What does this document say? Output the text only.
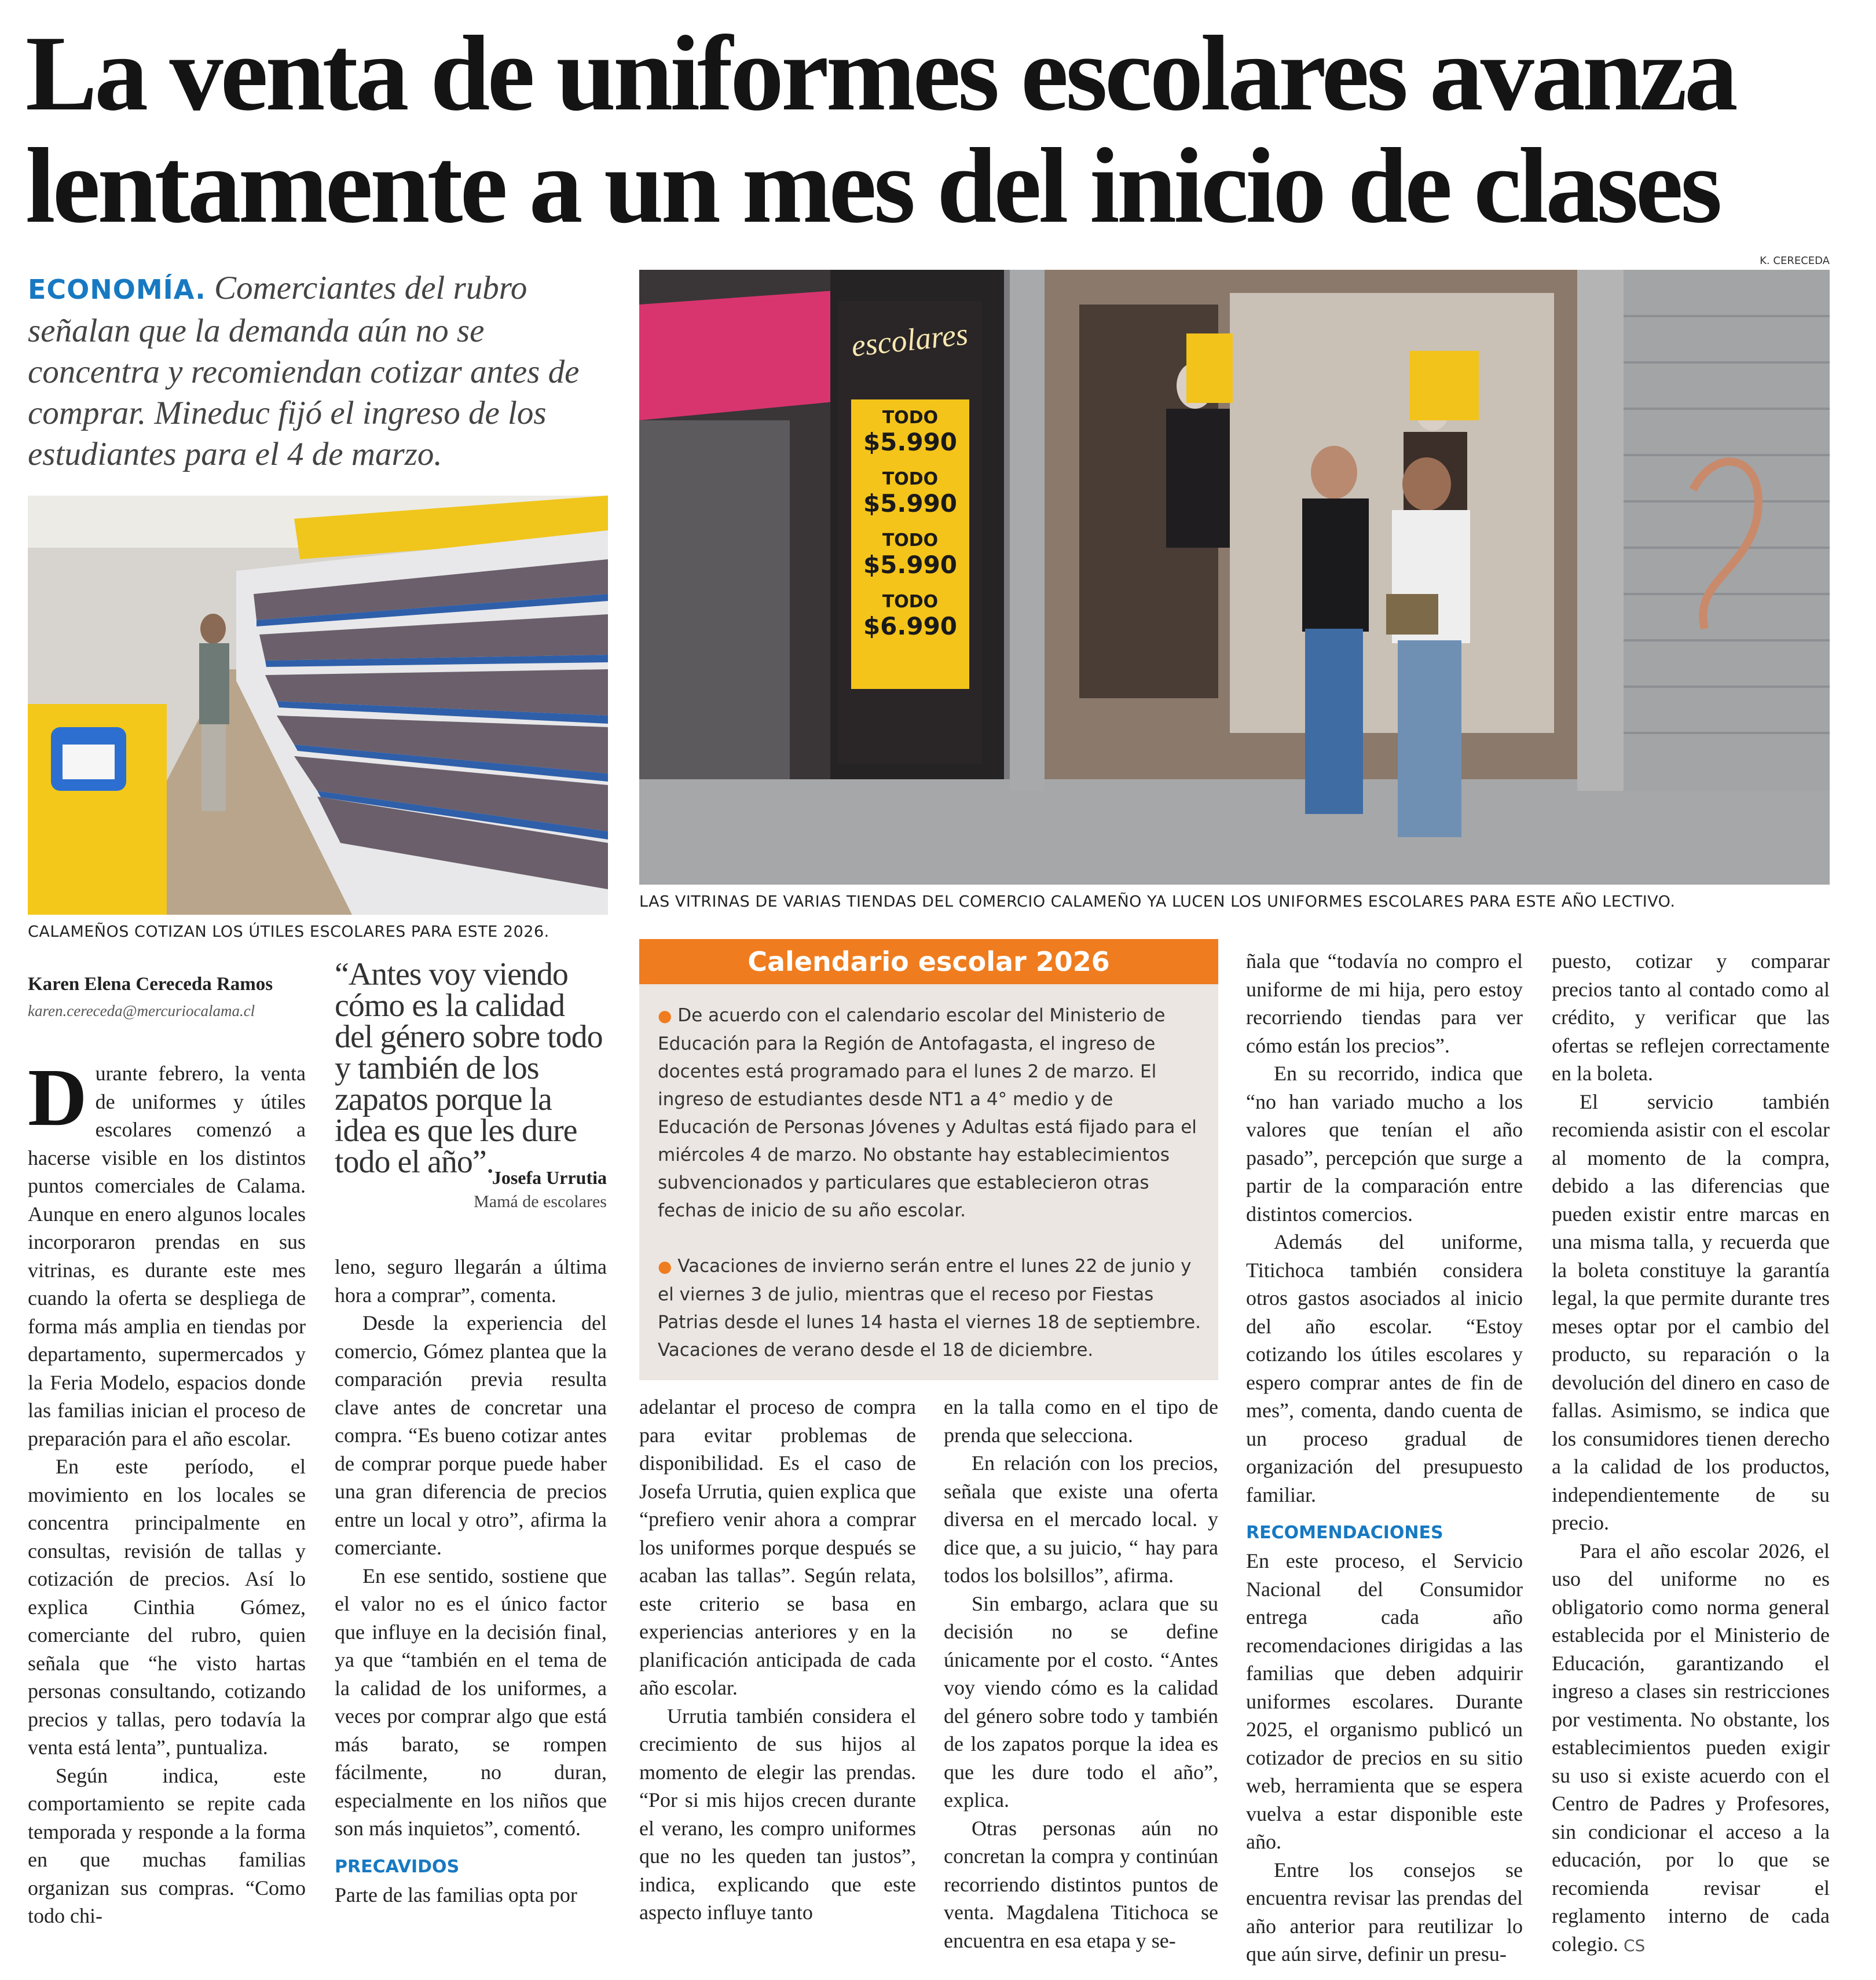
La venta de uniformes escolares avanza
lentamente a un mes del inicio de clases
ECONOMÍA. Comerciantes del rubro señalan que la demanda aún no se concentra y recomiendan cotizar antes de comprar. Mineduc fijó el ingreso de los estudiantes para el 4 de marzo.
K. CERECEDA
escolares
TODO
$5.990
TODO
$5.990
TODO
$5.990
TODO
$6.990
LAS VITRINAS DE VARIAS TIENDAS DEL COMERCIO CALAMEÑO YA LUCEN LOS UNIFORMES ESCOLARES PARA ESTE AÑO LECTIVO.
CALAMEÑOS COTIZAN LOS ÚTILES ESCOLARES PARA ESTE 2026.
Karen Elena Cereceda Ramos
karen.cereceda@mercuriocalama.cl
“Antes voy viendo cómo es la calidad del género sobre todo y también de los zapatos porque la idea es que les dure todo el año”.
Josefa Urrutia
Mamá de escolares
Calendario escolar 2026

● De acuerdo con el calendario escolar del Ministerio de Educación para la Región de Antofagasta, el ingreso de docentes está programado para el lunes 2 de marzo. El ingreso de estudiantes desde NT1 a 4° medio y de Educación de Personas Jóvenes y Adultas está fijado para el miércoles 4 de marzo. No obstante hay establecimientos subvencionados y particulares que establecieron otras fechas de inicio de su año escolar.

● Vacaciones de invierno serán entre el lunes 22 de junio y el viernes 3 de julio, mientras que el receso por Fiestas Patrias desde el lunes 14 hasta el viernes 18 de septiembre. Vacaciones de verano desde el 18 de diciembre.

Durante febrero, la venta de uniformes y útiles escolares comenzó a hacerse visible en los distintos puntos comerciales de Calama. Aunque en enero algunos locales incorporaron prendas en sus vitrinas, es durante este mes cuando la oferta se despliega de forma más amplia en tiendas por departamento, supermercados y la Feria Modelo, espacios donde las familias inician el proceso de preparación para el año escolar.

En este período, el movimiento en los locales se concentra principalmente en consultas, revisión de tallas y cotización de precios. Así lo explica Cinthia Gómez, comerciante del rubro, quien señala que “he visto hartas personas consultando, cotizando precios y tallas, pero todavía la venta está lenta”, puntualiza.

Según indica, este comportamiento se repite cada temporada y responde a la forma en que muchas familias organizan sus compras. “Como todo chi-

leno, seguro llegarán a última hora a comprar”, comenta.

Desde la experiencia del comercio, Gómez plantea que la comparación previa resulta clave antes de concretar una compra. “Es bueno cotizar antes de comprar porque puede haber una gran diferencia de precios entre un local y otro”, afirma la comerciante.

En ese sentido, sostiene que el valor no es el único factor que influye en la decisión final, ya que “también en el tema de la calidad de los uniformes, a veces por comprar algo que está más barato, se rompen fácilmente, no duran, especialmente en los niños que son más inquietos”, comentó.

PRECAVIDOS

Parte de las familias opta por

adelantar el proceso de compra para evitar problemas de disponibilidad. Es el caso de Josefa Urrutia, quien explica que “prefiero venir ahora a comprar los uniformes porque después se acaban las tallas”. Según relata, este criterio se basa en experiencias anteriores y en la planificación anticipada de cada año escolar.

Urrutia también considera el crecimiento de sus hijos al momento de elegir las prendas. “Por si mis hijos crecen durante el verano, les compro uniformes que no les queden tan justos”, indica, explicando que este aspecto influye tanto

en la talla como en el tipo de prenda que selecciona.

En relación con los precios, señala que existe una oferta diversa en el mercado local. y dice que, a su juicio, “ hay para todos los bolsillos”, afirma.

Sin embargo, aclara que su decisión no se define únicamente por el costo. “Antes voy viendo cómo es la calidad del género sobre todo y también de los zapatos porque la idea es que les dure todo el año”, explica.

Otras personas aún no concretan la compra y continúan recorriendo distintos puntos de venta. Magdalena Titichoca se encuentra en esa etapa y se-

ñala que “todavía no compro el uniforme de mi hija, pero estoy recorriendo tiendas para ver cómo están los precios”.

En su recorrido, indica que “no han variado mucho a los valores que tenían el año pasado”, percepción que surge a partir de la comparación entre distintos comercios.

Además del uniforme, Titichoca también considera otros gastos asociados al inicio del año escolar. “Estoy cotizando los útiles escolares y espero comprar antes de fin de mes”, comenta, dando cuenta de un proceso gradual de organización del presupuesto familiar.

RECOMENDACIONES

En este proceso, el Servicio Nacional del Consumidor entrega cada año recomendaciones dirigidas a las familias que deben adquirir uniformes escolares. Durante 2025, el organismo publicó un cotizador de precios en su sitio web, herramienta que se espera vuelva a estar disponible este año.

Entre los consejos se encuentra revisar las prendas del año anterior para reutilizar lo que aún sirve, definir un presu-

puesto, cotizar y comparar precios tanto al contado como al crédito, y verificar que las ofertas se reflejen correctamente en la boleta.

El servicio también recomienda asistir con el escolar al momento de la compra, debido a las diferencias que pueden existir entre marcas en una misma talla, y recuerda que la boleta constituye la garantía legal, la que permite durante tres meses optar por el cambio del producto, su reparación o la devolución del dinero en caso de fallas. Asimismo, se indica que los consumidores tienen derecho a la calidad de los productos, independientemente de su precio.

Para el año escolar 2026, el uso del uniforme no es obligatorio como norma general establecida por el Ministerio de Educación, garantizando el ingreso a clases sin restricciones por vestimenta. No obstante, los establecimientos pueden exigir su uso si existe acuerdo con el Centro de Padres y Profesores, sin condicionar el acceso a la educación, por lo que se recomienda revisar el reglamento interno de cada colegio. CS
